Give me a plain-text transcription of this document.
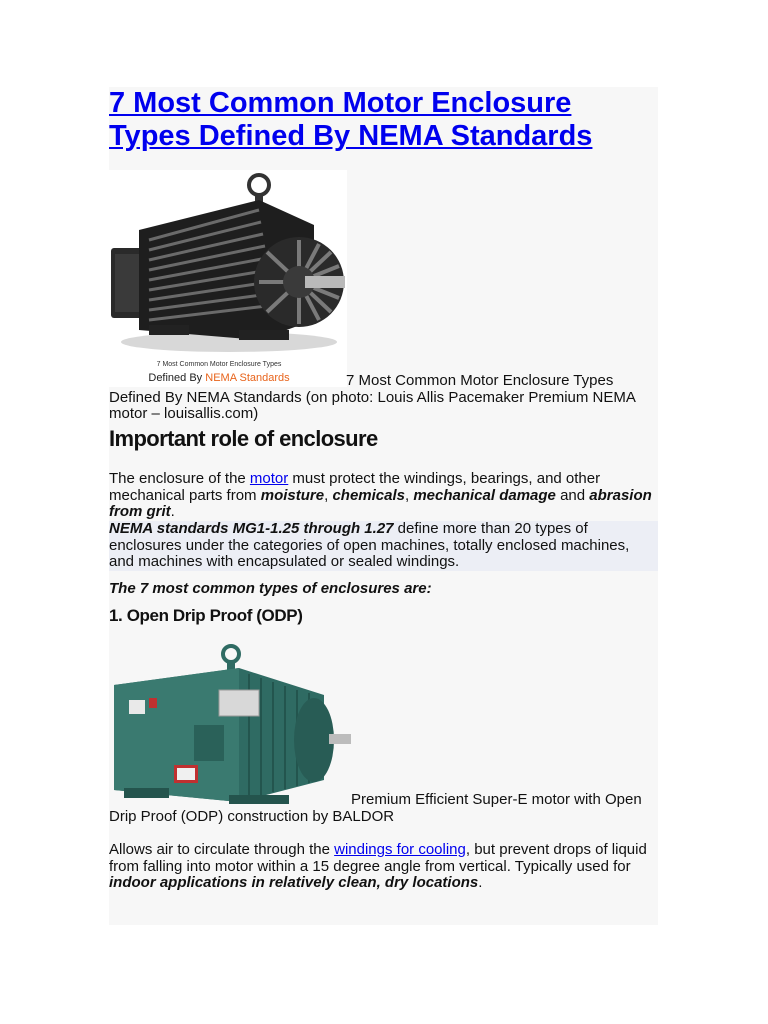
7 Most Common Motor Enclosure Types Defined By NEMA Standards
7 Most Common Motor Enclosure Types
Defined By NEMA Standards	7 Most Common Motor Enclosure Types Defined By NEMA Standards (on photo: Louis Allis Pacemaker Premium NEMA motor – louisallis.com)
Important role of enclosure

The enclosure of the motor must protect the windings, bearings, and other mechanical parts from moisture, chemicals, mechanical damage and abrasion from grit.

NEMA standards MG1-1.25 through 1.27 define more than 20 types of enclosures under the categories of open machines, totally enclosed machines, and machines with encapsulated or sealed windings.

The 7 most common types of enclosures are:

1. Open Drip Proof (ODP)
Premium Efficient Super-E motor with Open Drip Proof (ODP) construction by BALDOR

Allows air to circulate through the windings for cooling, but prevent drops of liquid from falling into motor within a 15 degree angle from vertical. Typically used for indoor applications in relatively clean, dry locations.
